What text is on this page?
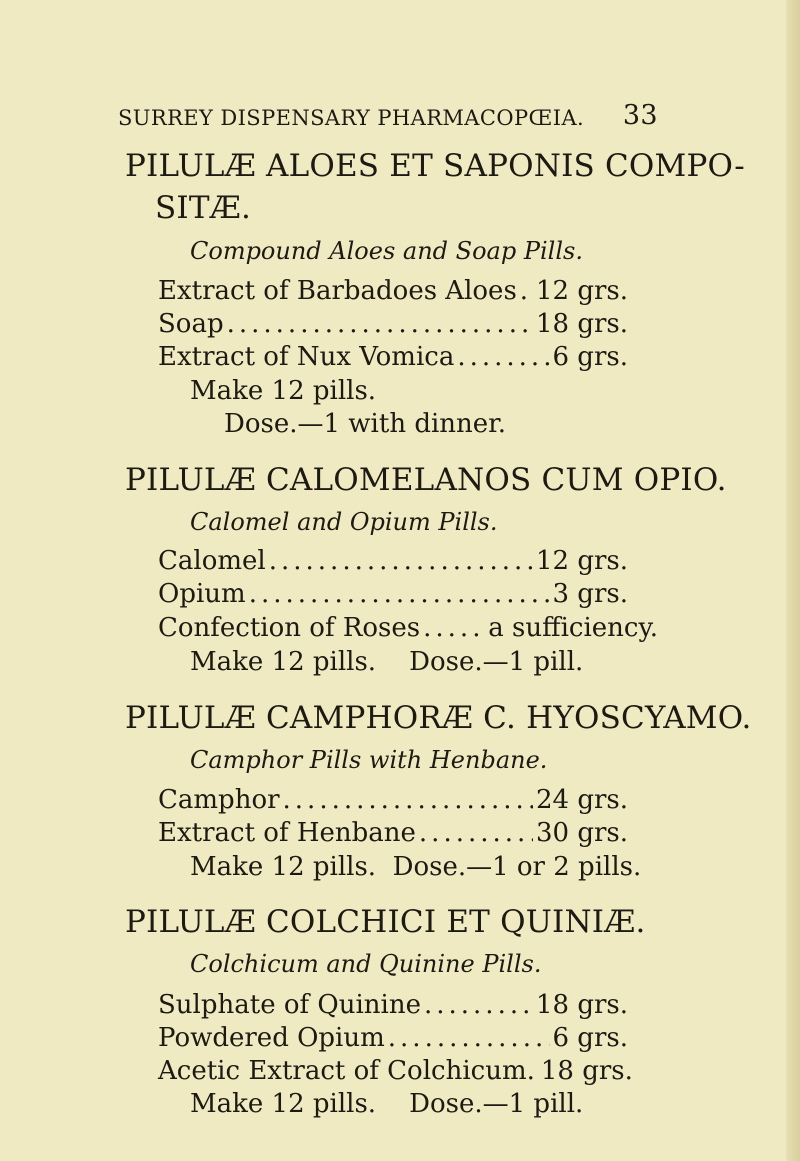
SURREY DISPENSARY PHARMACOPŒIA. 33
PILULÆ ALOES ET SAPONIS COMPO-
SITÆ.
Compound Aloes and Soap Pills.
Extract of Barbadoes Aloes ..... 12 grs.
Soap .....	18 grs.
Extract of Nux Vomica .....	6 grs.
Make 12 pills.
Dose.—1 with dinner.
PILULÆ CALOMELANOS CUM OPIO.
Calomel and Opium Pills.
Calomel .....	12 grs.
Opium .....	3 grs.
Confection of Roses .....	a sufficiency.
Make 12 pills.    Dose.—1 pill.
PILULÆ CAMPHORÆ C. HYOSCYAMO.
Camphor Pills with Henbane.
Camphor .....	24 grs.
Extract of Henbane .....	30 grs.
Make 12 pills.  Dose.—1 or 2 pills.
PILULÆ COLCHICI ET QUINIÆ.
Colchicum and Quinine Pills.
Sulphate of Quinine .....	18 grs.
Powdered Opium .....	6 grs.
Acetic Extract of Colchicum. 18 grs.
Make 12 pills.    Dose.—1 pill.
